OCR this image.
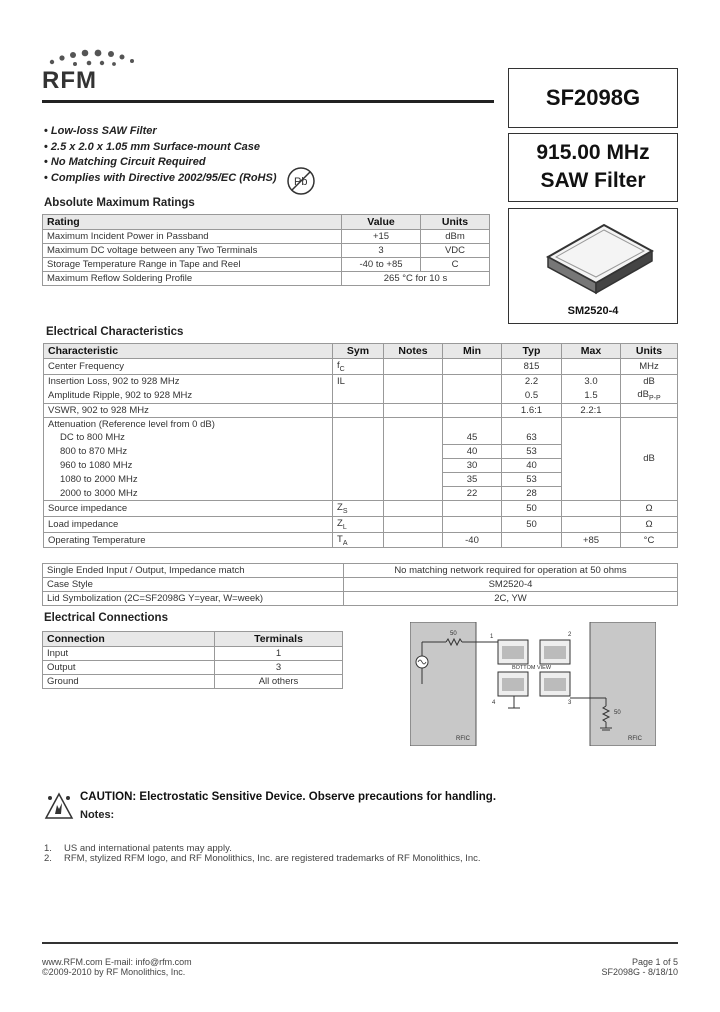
RFM
SF2098G
915.00 MHz
SAW Filter
SM2520-4
• Low-loss SAW Filter
• 2.5 x 2.0 x 1.05 mm Surface-mount Case
• No Matching Circuit Required
• Complies with Directive 2002/95/EC (RoHS) Pb
Absolute Maximum Ratings
Rating	Value	Units
Maximum Incident Power in Passband	+15	dBm
Maximum DC voltage between any Two Terminals	3	VDC
Storage Temperature Range in Tape and Reel	-40 to +85	C
Maximum Reflow Soldering Profile	265 °C for 10 s	
Electrical Characteristics
Characteristic	Sym	Notes	Min	Typ	Max	Units
Center Frequency	$f_C$			815		MHz
Insertion Loss, 902 to 928 MHz	IL			2.2	3.0	dB
Amplitude Ripple, 902 to 928 MHz				0.5	1.5	$dB_{P-P}$
VSWR, 902 to 928 MHz				1.6:1	2.2:1	
Attenuation (Reference level from 0 dB)						dB
DC to 800 MHz			45	63		
800 to 870 MHz			40	53		
960 to 1080 MHz			30	40		
1080 to 2000 MHz			35	53		
2000 to 3000 MHz			22	28		
Source impedance	$Z_S$			50		Ω
Load impedance	$Z_L$			50		Ω
Operating Temperature	$T_A$		-40		+85	°C
Single Ended Input / Output, Impedance match	No matching network required for operation at 50 ohms
Case Style	SM2520-4
Lid Symbolization (2C=SF2098G Y=year, W=week)	2C, YW
Electrical Connections
Connection	Terminals
Input	1
Output	3
Ground	All others
50
BOTTOM VIEW
1	2
3
4
50
RFIC	RFIC
CAUTION: Electrostatic Sensitive Device. Observe precautions for handling.
Notes:
1. US and international patents may apply.
2. RFM, stylized RFM logo, and RF Monolithics, Inc. are registered trademarks of RF Monolithics, Inc.
www.RFM.com E-mail: info@rfm.com
©2009-2010 by RF Monolithics, Inc.
Page 1 of 5
SF2098G - 8/18/10
